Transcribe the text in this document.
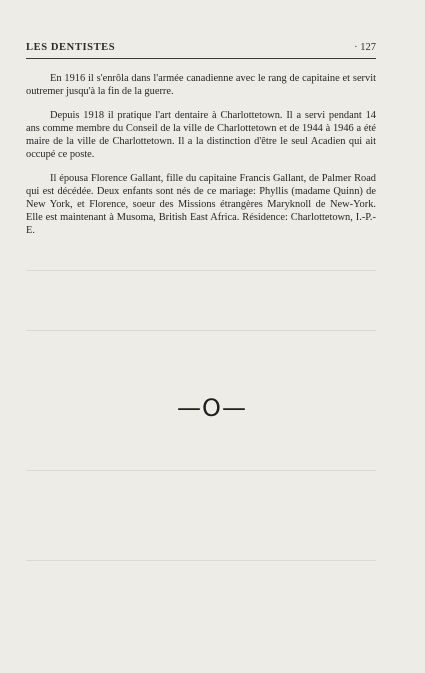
LES DENTISTES	· 127

En 1916 il s'enrôla dans l'armée canadienne avec le rang de capitaine et servit outremer jusqu'à la fin de la guerre.

Depuis 1918 il pratique l'art dentaire à Charlottetown. Il a servi pendant 14 ans comme membre du Conseil de la ville de Charlottetown et de 1944 à 1946 a été maire de la ville de Charlottetown. Il a la distinction d'être le seul Acadien qui ait occupé ce poste.

Il épousa Florence Gallant, fille du capitaine Francis Gallant, de Palmer Road qui est décédée. Deux enfants sont nés de ce mariage: Phyllis (madame Quinn) de New York, et Florence, soeur des Missions étrangères Maryknoll de New-York. Elle est maintenant à Musoma, British East Africa. Résidence: Charlottetown, I.-P.-E.

—O—
